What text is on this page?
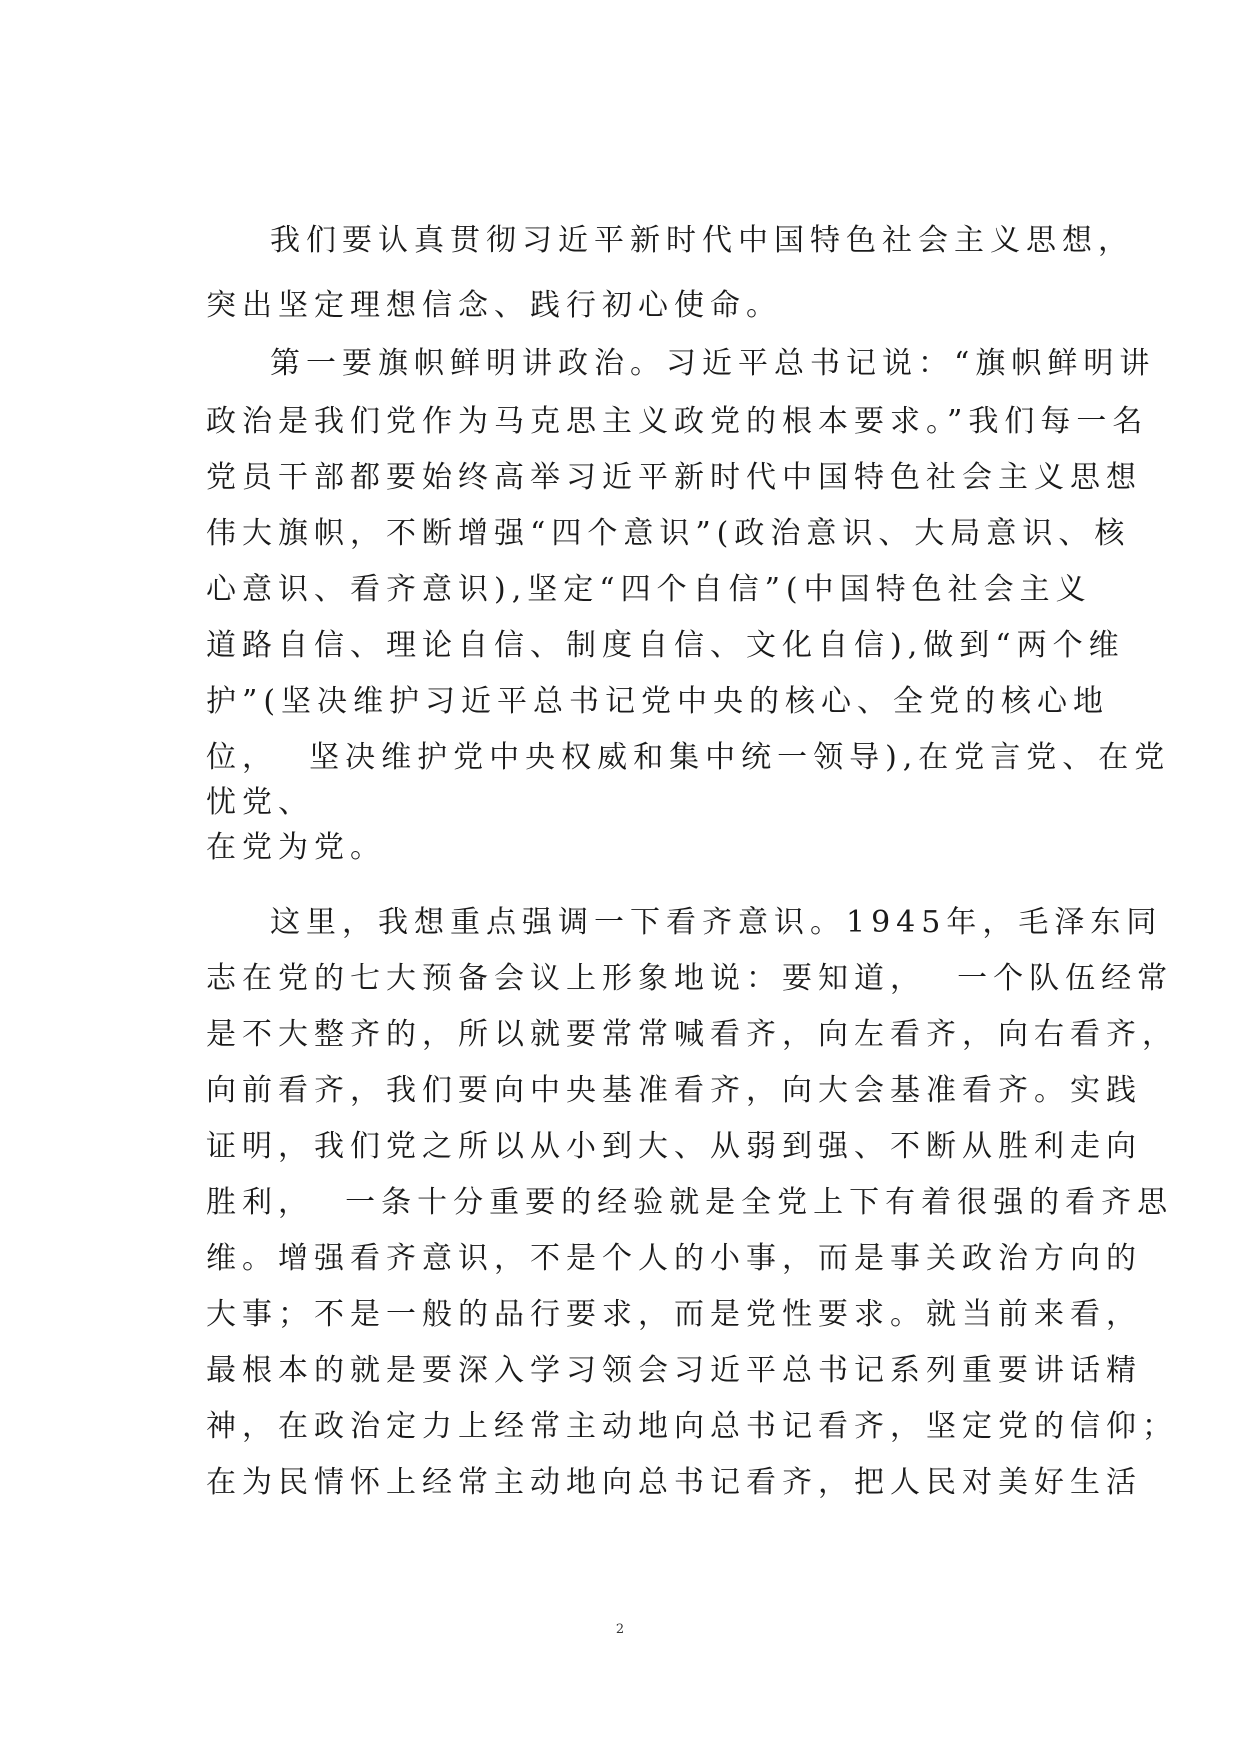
我们要认真贯彻习近平新时代中国特色社会主义思想，
突出坚定理想信念、践行初心使命。
第一要旗帜鲜明讲政治。习近平总书记说：“旗帜鲜明讲
政治是我们党作为马克思主义政党的根本要求。”我们每一名
党员干部都要始终高举习近平新时代中国特色社会主义思想
伟大旗帜，不断增强“四个意识”(政治意识、大局意识、核
心意识、看齐意识),坚定“四个自信”(中国特色社会主义
道路自信、理论自信、制度自信、文化自信),做到“两个维
护”(坚决维护习近平总书记党中央的核心、全党的核心地
位，  坚决维护党中央权威和集中统一领导),在党言党、在党
忧党、
在党为党。
这里，我想重点强调一下看齐意识。1945年，毛泽东同
志在党的七大预备会议上形象地说：要知道，  一个队伍经常
是不大整齐的，所以就要常常喊看齐，向左看齐，向右看齐，
向前看齐，我们要向中央基准看齐，向大会基准看齐。实践
证明，我们党之所以从小到大、从弱到强、不断从胜利走向
胜利，  一条十分重要的经验就是全党上下有着很强的看齐思
维。增强看齐意识，不是个人的小事，而是事关政治方向的
大事；不是一般的品行要求，而是党性要求。就当前来看，
最根本的就是要深入学习领会习近平总书记系列重要讲话精
神，在政治定力上经常主动地向总书记看齐，坚定党的信仰；
在为民情怀上经常主动地向总书记看齐，把人民对美好生活
2
